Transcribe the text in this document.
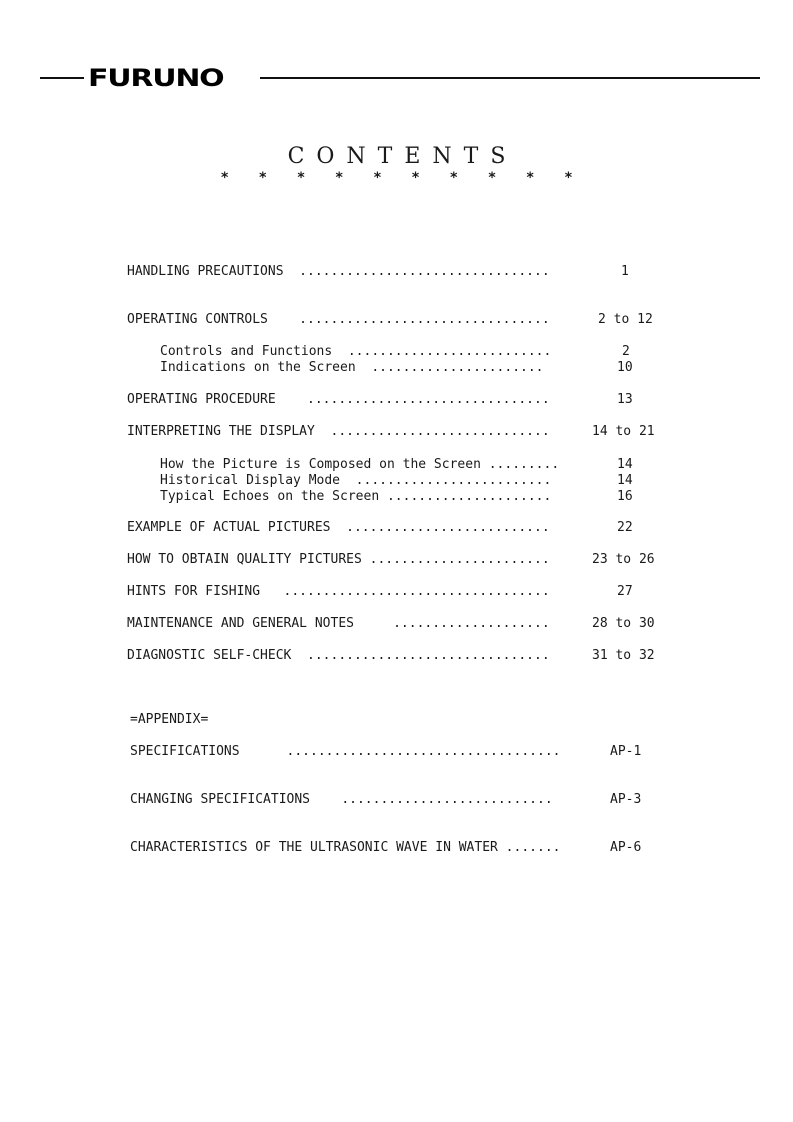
FURUNO
CONTENTS
* * * * * * * * * *
HANDLING PRECAUTIONS  ................................	1
OPERATING CONTROLS    ................................	2 to 12
Controls and Functions  ..........................	2
Indications on the Screen  ......................	10
OPERATING PROCEDURE    ...............................	13
INTERPRETING THE DISPLAY  ............................	14 to 21
How the Picture is Composed on the Screen .........	14
Historical Display Mode  .........................	14
Typical Echoes on the Screen .....................	16
EXAMPLE OF ACTUAL PICTURES  ..........................	22
HOW TO OBTAIN QUALITY PICTURES .......................	23 to 26
HINTS FOR FISHING   ..................................	27
MAINTENANCE AND GENERAL NOTES     ....................	28 to 30
DIAGNOSTIC SELF-CHECK  ...............................	31 to 32
=APPENDIX=
SPECIFICATIONS      ...................................	AP-1
CHANGING SPECIFICATIONS    ...........................	AP-3
CHARACTERISTICS OF THE ULTRASONIC WAVE IN WATER .......	AP-6
